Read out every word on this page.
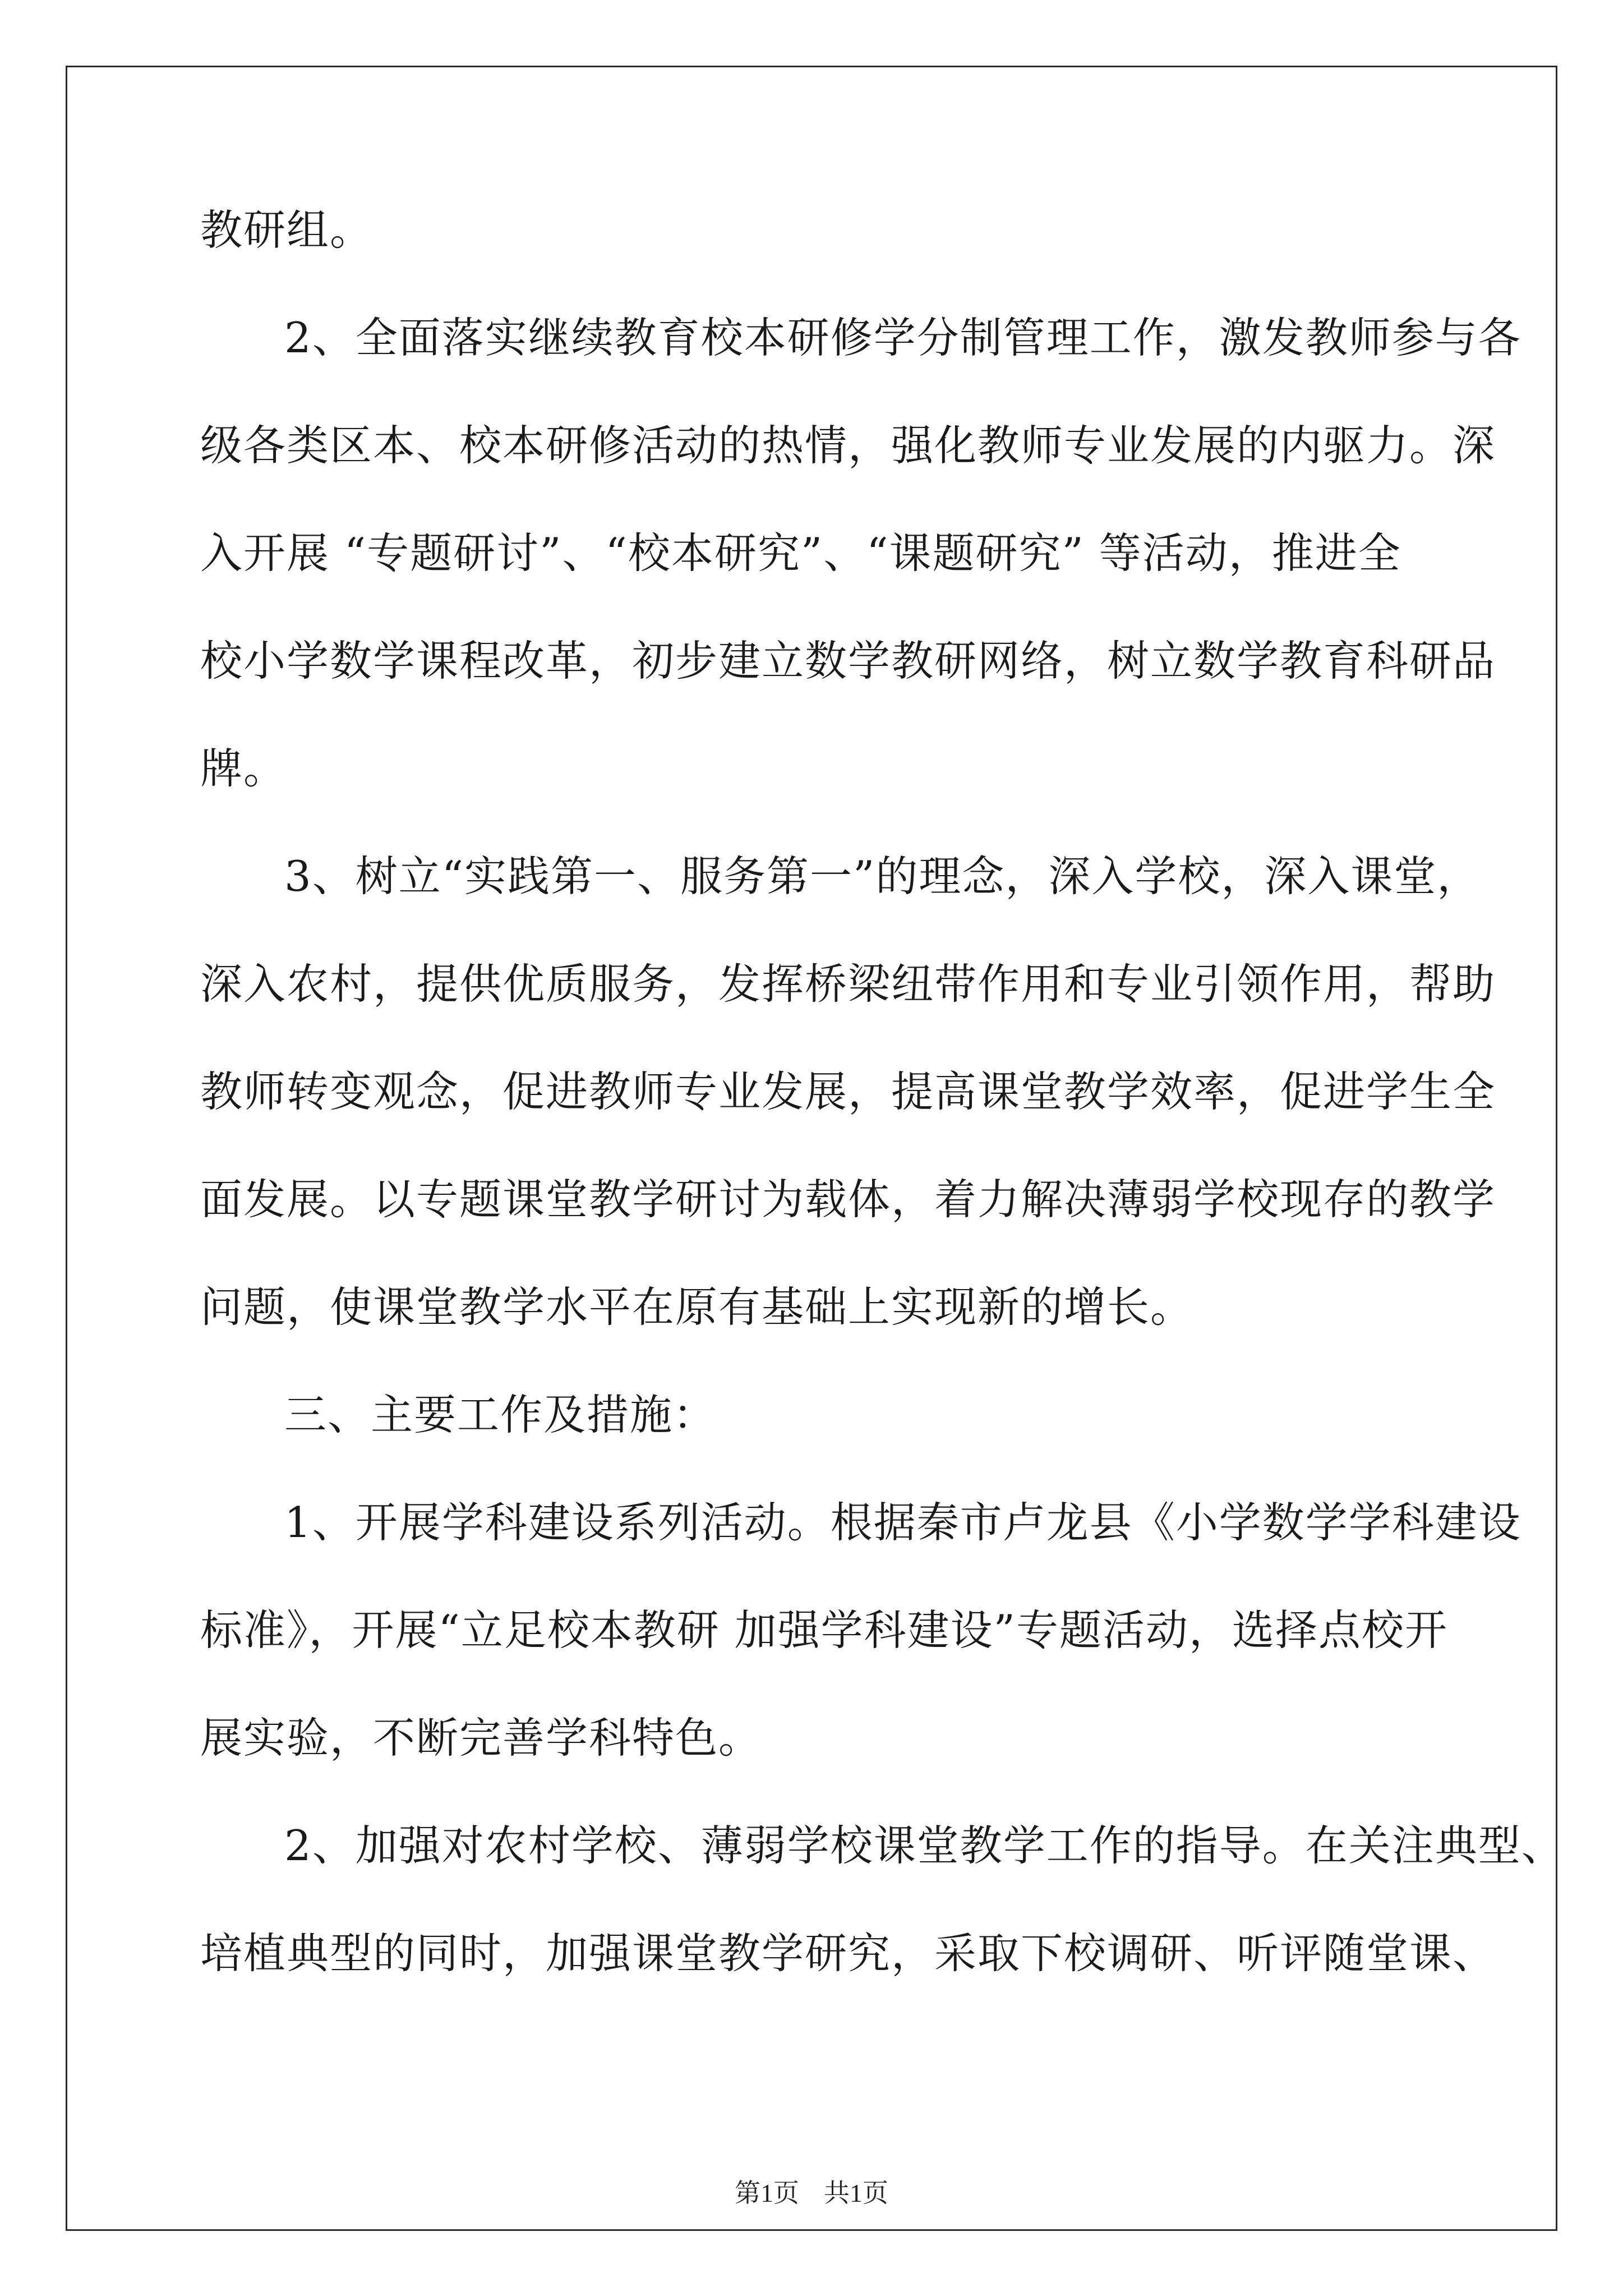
教研组。

2、全面落实继续教育校本研修学分制管理工作，激发教师参与各

级各类区本、校本研修活动的热情，强化教师专业发展的内驱力。深

入开展 “专题研讨”、“校本研究”、“课题研究” 等活动，推进全

校小学数学课程改革，初步建立数学教研网络，树立数学教育科研品

牌。

3、树立“实践第一、服务第一”的理念，深入学校，深入课堂，

深入农村，提供优质服务，发挥桥梁纽带作用和专业引领作用，帮助

教师转变观念，促进教师专业发展，提高课堂教学效率，促进学生全

面发展。以专题课堂教学研讨为载体，着力解决薄弱学校现存的教学

问题，使课堂教学水平在原有基础上实现新的增长。

三、主要工作及措施：

1、开展学科建设系列活动。根据秦市卢龙县《小学数学学科建设

标准》，开展“立足校本教研 加强学科建设”专题活动，选择点校开

展实验，不断完善学科特色。

2、加强对农村学校、薄弱学校课堂教学工作的指导。在关注典型、

培植典型的同时，加强课堂教学研究，采取下校调研、听评随堂课、

第1页 共1页
